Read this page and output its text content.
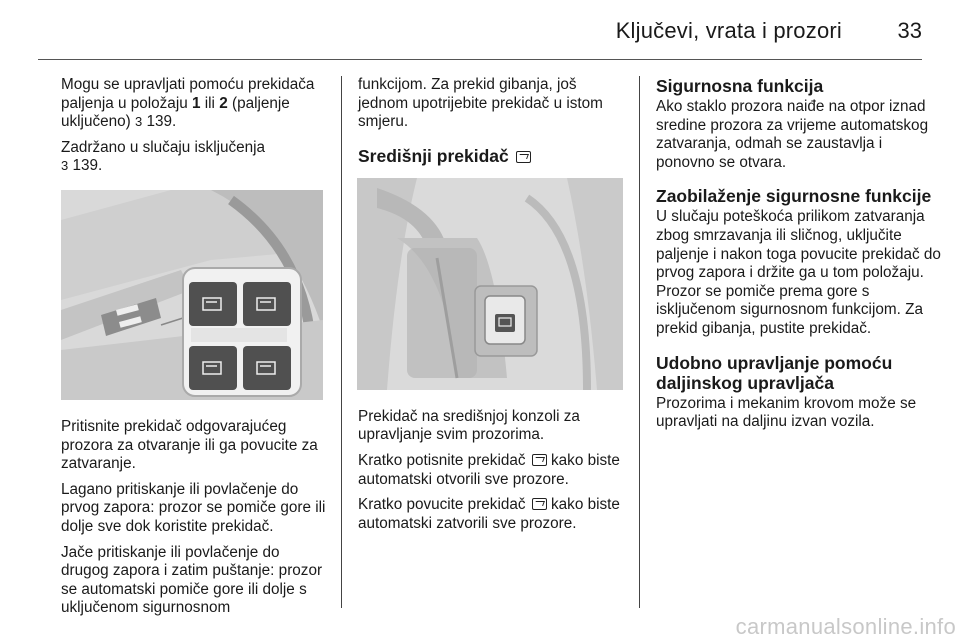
Ključevi, vrata i prozori	33

Mogu se upravljati pomoću prekidača paljenja u položaju 1 ili 2 (paljenje uključeno) 3 139.

Zadržano u slučaju isključenja
3 139.

Pritisnite prekidač odgovarajućeg prozora za otvaranje ili ga povucite za zatvaranje.

Lagano pritiskanje ili povlačenje do prvog zapora: prozor se pomiče gore ili dolje sve dok koristite prekidač.

Jače pritiskanje ili povlačenje do drugog zapora i zatim puštanje: prozor se automatski pomiče gore ili dolje s uključenom sigurnosnom

funkcijom. Za prekid gibanja, još jednom upotrijebite prekidač u istom smjeru.

Središnji prekidač

Prekidač na središnjoj konzoli za upravljanje svim prozorima.

Kratko potisnite prekidač  kako biste automatski otvorili sve prozore.

Kratko povucite prekidač  kako biste automatski zatvorili sve prozore.

Sigurnosna funkcija

Ako staklo prozora naiđe na otpor iznad sredine prozora za vrijeme automatskog zatvaranja, odmah se zaustavlja i ponovno se otvara.

Zaobilaženje sigurnosne funkcije

U slučaju poteškoća prilikom zatvaranja zbog smrzavanja ili sličnog, uključite paljenje i nakon toga povucite prekidač do prvog zapora i držite ga u tom položaju. Prozor se pomiče prema gore s isključenom sigurnosnom funkcijom. Za prekid gibanja, pustite prekidač.

Udobno upravljanje pomoću daljinskog upravljača

Prozorima i mekanim krovom može se upravljati na daljinu izvan vozila.

carmanualsonline.info
